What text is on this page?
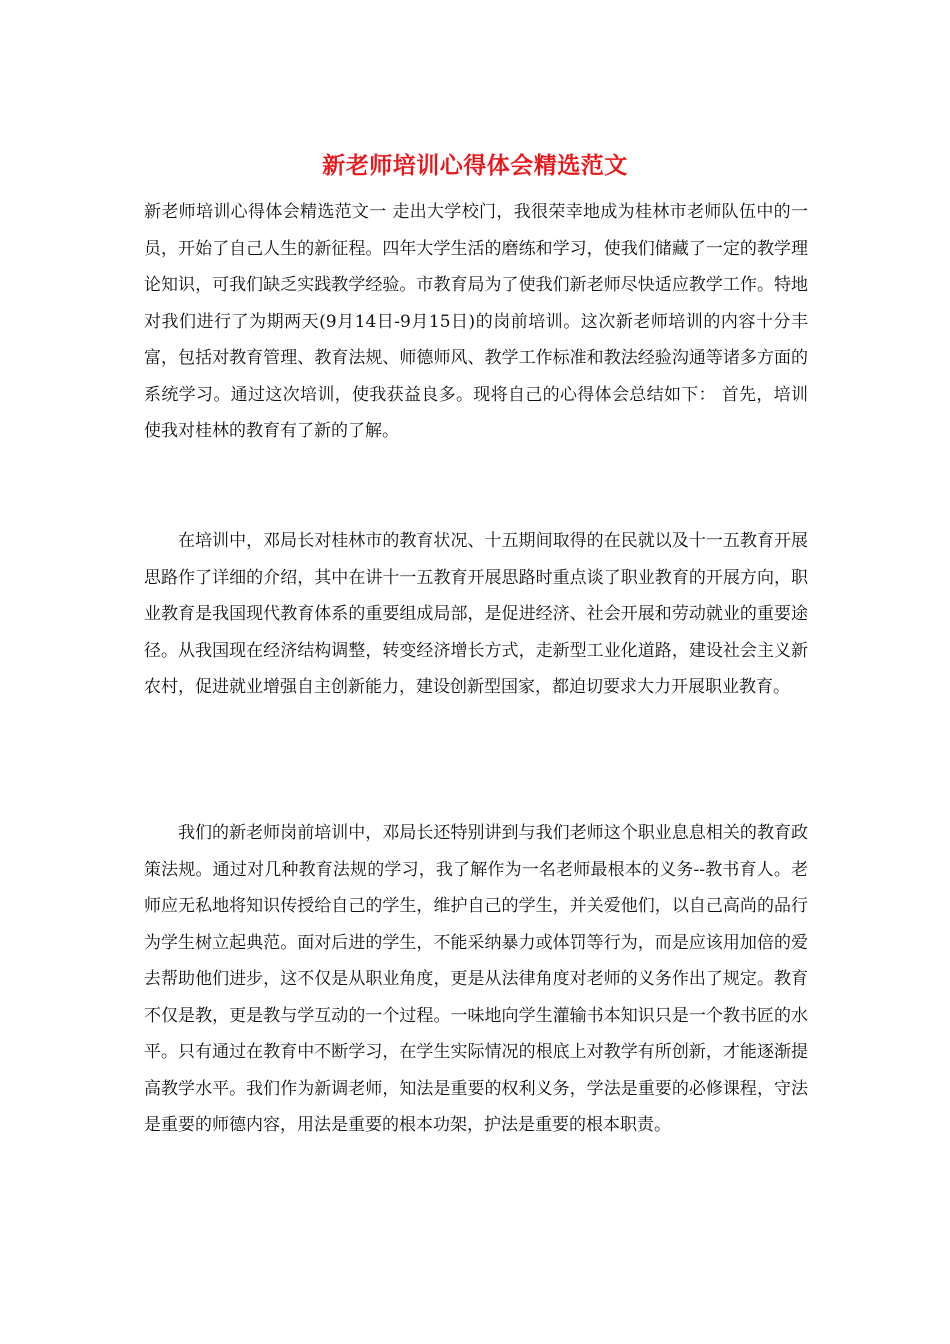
新老师培训心得体会精选范文

新老师培训心得体会精选范文一 走出大学校门，我很荣幸地成为桂林市老师队伍中的一员，开始了自己人生的新征程。四年大学生活的磨练和学习，使我们储藏了一定的教学理论知识，可我们缺乏实践教学经验。市教育局为了使我们新老师尽快适应教学工作。特地对我们进行了为期两天(9月14日-9月15日)的岗前培训。这次新老师培训的内容十分丰富，包括对教育管理、教育法规、师德师风、教学工作标准和教法经验沟通等诸多方面的系统学习。通过这次培训，使我获益良多。现将自己的心得体会总结如下： 首先，培训使我对桂林的教育有了新的了解。

在培训中，邓局长对桂林市的教育状况、十五期间取得的在民就以及十一五教育开展思路作了详细的介绍，其中在讲十一五教育开展思路时重点谈了职业教育的开展方向，职业教育是我国现代教育体系的重要组成局部，是促进经济、社会开展和劳动就业的重要途径。从我国现在经济结构调整，转变经济增长方式，走新型工业化道路，建设社会主义新农村，促进就业增强自主创新能力，建设创新型国家，都迫切要求大力开展职业教育。

我们的新老师岗前培训中，邓局长还特别讲到与我们老师这个职业息息相关的教育政策法规。通过对几种教育法规的学习，我了解作为一名老师最根本的义务--教书育人。老师应无私地将知识传授给自己的学生，维护自己的学生，并关爱他们，以自己高尚的品行为学生树立起典范。面对后进的学生，不能采纳暴力或体罚等行为，而是应该用加倍的爱去帮助他们进步，这不仅是从职业角度，更是从法律角度对老师的义务作出了规定。教育不仅是教，更是教与学互动的一个过程。一味地向学生灌输书本知识只是一个教书匠的水平。只有通过在教育中不断学习，在学生实际情况的根底上对教学有所创新，才能逐渐提高教学水平。我们作为新调老师，知法是重要的权利义务，学法是重要的必修课程，守法是重要的师德内容，用法是重要的根本功架，护法是重要的根本职责。
